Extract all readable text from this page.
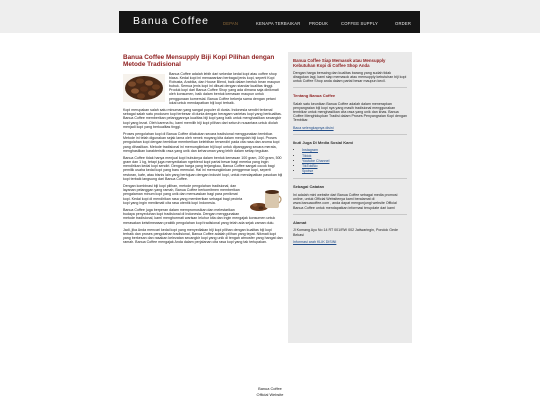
Banua Coffee	DEPAN	KENAPA TERBAIKAR PRODUK	COFFEE SUPPLY	ORDER
Banua Coffee Mensupply Biji Kopi Pilihan dengan Metode Tradisional

Banua Coffee adalah lebih dari sekedar kedai kopi atau coffee shop biasa. Kedai kopi ini menawarkan berbagai jenis kopi, seperti Kopi Robusta, Arabika, dan House Blend, baik dalam bentuk bean maupun bubuk. Semua jenis kopi ini dibuat dengan standar kualitas tinggi. Produk kopi dari Banua Coffee Shop yang ada dimana saja dinikmati oleh konsumen, baik dalam bentuk kemasan maupun untuk penggunaan komersial. Banua Coffee bekerja sama dengan petani lokal untuk mendapatkan biji kopi terbaik.

Kopi merupakan salah satu minuman yang sangat populer di dunia. Indonesia sendiri terkenal sebagai salah satu produsen kopi terbesar di dunia dengan beragam varietas kopi yang berkualitas. Banua Coffee memberikan pelanggannya kualitas biji kopi yang baik untuk menghasilkan secangkir kopi yang lezat. Oleh karena itu, kami memilih biji kopi pilihan dari seluruh nusantara untuk diolah menjadi kopi yang berkualitas tinggi.

Proses pengolahan kopi di Banua Coffee dilakukan secara tradisional menggunakan tembikar. Metode ini telah digunakan sejak lama oleh nenek moyang kita dalam mengolah biji kopi. Proses pengolahan kopi dengan tembikar memberikan kelebihan tersendiri pada cita rasa dan aroma kopi yang dihasilkan. Metode tradisional ini memungkinkan biji kopi untuk dipanggang secara merata, menghasilkan karakteristik rasa yang unik dan keharuman yang lebih dalam setiap tegukan.

Banua Coffee tidak hanya menjual kopi bubuknya dalam bentuk kemasan 100 gram, 200 gram, 500 gram dan 1 kg, tetapi juga menyediakan ngeblend kopi partai besar bagi mereka yang ingin mendirikan kedai kopi sendiri. Dengan harga yang terjangkau, Banua Coffee sangat cocok bagi pemilik usaha kedai kopi yang baru memulai. Hal ini memungkinkan penggemar kopi, seperti restoran, kafe, atau bisnis lain yang bertujuan dengan industri kopi, untuk mendapatkan pasokan biji kopi terbaik langsung dari Banua Coffee.

Dengan kombinasi biji kopi pilihan, metode pengolahan tradisional, dan layanan pelanggan yang ramah, Banua Coffee berkomitmen memberikan pengalaman minum kopi yang unik dan memuaskan bagi para penikmat kopi. Kedai kopi di mendirikan rasa yang memberikan sebagai bagi pecinta kopi yang ingin menikmati cita rasa otentik kopi Indonesia.

Banua Coffee juga berperan dalam mempromosikan dan melestarikan budaya penyeduhan kopi tradisional di Indonesia. Dengan menggunakan metode tradisional, kami menghormati warisan leluhur kita dan ingin mengajak konsumen untuk merasakan keistimewaan praktik pengolahan kopi tradisional yang telah ada sejak zaman dulu.

Jadi, jika Anda mencari kedai kopi yang menyediakan biji kopi pilihan dengan kualitas biji kopi terbaik dan proses pengolahan tradisional, Banua Coffee adalah pilihan yang tepat. Nikmati kopi yang berkesan dan rasakan kelezatan secangkir kopi yang unik di tengah atmosfer yang hangat dan ramah. Banua Coffee mengajak Anda dalam perjalanan cita rasa kopi yang tak terlupakan.

Banua Coffee Siap Memasok atau Mensupply Kebutuhan Kopi di Coffee Shop Anda

Dengan harga bersaing dan kualitas barang yang sudah tidak diragukan lagi, kami siap memasok atau mensupply kebutuhan biji kopi untuk Coffee Shop anda dalam partai besar maupun kecil.

Tentang Banua Coffee

Salah satu keunikan Banua Coffee adalah dalam menerapkan penyangraian biji kopi nya yang masih tradisional menggunakan tembikar untuk menghasilkan cita rasa yang unik dan khas. Banua Coffee Menghidupkan Tradisi dalam Proses Penyangraian Kopi dengan Tembikar.

Baca selengkapnya disini

Ikuti Juga Di Media Sosial Kami
• Instagram
• Tiktok
• Youtube Channel
• TikTokBio
• Spotse
Sebagai Catatan

Ini adalah mini website dari Banua Coffee sebagai media promosi online, untuk Official Websitenya kami beralamat di www.banuacoffee.com , anda dapat mengunjungi website Official Banua Coffee untuk mendapatkan informasi terupdate dari kami

Alamat

Jl Komang Ayu No 14 RT 001/RW 002 Jatiwaringin, Pondok Gede Bekasi

Informasi arah KLIK DISINI

Banua Coffee
Official Website
